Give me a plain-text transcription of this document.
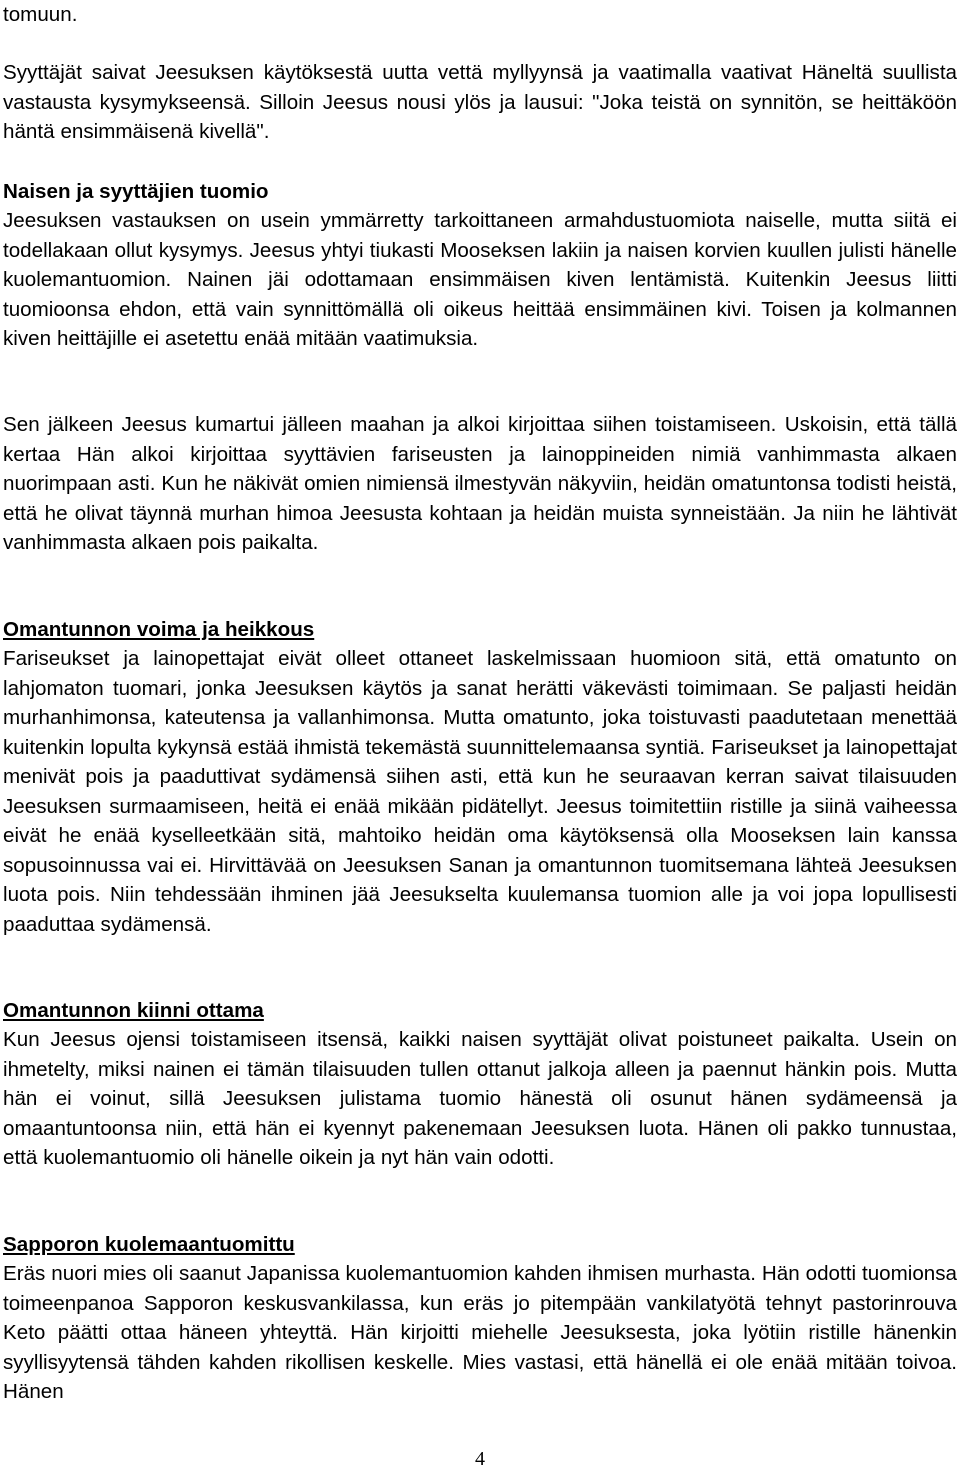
tomuun.

Syyttäjät saivat Jeesuksen käytöksestä uutta vettä myllyynsä ja vaatimalla vaativat Häneltä suullista vastausta kysymykseensä. Silloin Jeesus nousi ylös ja lausui: "Joka teistä on synnitön, se heittäköön häntä ensimmäisenä kivellä".

Naisen ja syyttäjien tuomio

Jeesuksen vastauksen on usein ymmärretty tarkoittaneen armahdustuomiota naiselle, mutta siitä ei todellakaan ollut kysymys. Jeesus yhtyi tiukasti Mooseksen lakiin ja naisen korvien kuullen julisti hänelle kuolemantuomion. Nainen jäi odottamaan ensimmäisen kiven lentämistä. Kuitenkin Jeesus liitti tuomioonsa ehdon, että vain synnittömällä oli oikeus heittää ensimmäinen kivi. Toisen ja kolmannen kiven heittäjille ei asetettu enää mitään vaatimuksia.

Sen jälkeen Jeesus kumartui jälleen maahan ja alkoi kirjoittaa siihen toistamiseen. Uskoisin, että tällä kertaa Hän alkoi kirjoittaa syyttävien fariseusten ja lainoppineiden nimiä vanhimmasta alkaen nuorimpaan asti. Kun he näkivät omien nimiensä ilmestyvän näkyviin, heidän omatuntonsa todisti heistä, että he olivat täynnä murhan himoa Jeesusta kohtaan ja heidän muista synneistään. Ja niin he lähtivät vanhimmasta alkaen pois paikalta.

Omantunnon voima ja heikkous

Fariseukset ja lainopettajat eivät olleet ottaneet laskelmissaan huomioon sitä, että omatunto on lahjomaton tuomari, jonka Jeesuksen käytös ja sanat herätti väkevästi toimimaan. Se paljasti heidän murhanhimonsa, kateutensa ja vallanhimonsa. Mutta omatunto, joka toistuvasti paadutetaan menettää kuitenkin lopulta kykynsä estää ihmistä tekemästä suunnittelemaansa syntiä. Fariseukset ja lainopettajat menivät pois ja paaduttivat sydämensä siihen asti, että kun he seuraavan kerran saivat tilaisuuden Jeesuksen surmaamiseen, heitä ei enää mikään pidätellyt. Jeesus toimitettiin ristille ja siinä vaiheessa eivät he enää kyselleetkään sitä, mahtoiko heidän oma käytöksensä olla Mooseksen lain kanssa sopusoinnussa vai ei. Hirvittävää on Jeesuksen Sanan ja omantunnon tuomitsemana lähteä Jeesuksen luota pois. Niin tehdessään ihminen jää Jeesukselta kuulemansa tuomion alle ja voi jopa lopullisesti paaduttaa sydämensä.

Omantunnon kiinni ottama

Kun Jeesus ojensi toistamiseen itsensä, kaikki naisen syyttäjät olivat poistuneet paikalta. Usein on ihmetelty, miksi nainen ei tämän tilaisuuden tullen ottanut jalkoja alleen ja paennut hänkin pois. Mutta hän ei voinut, sillä Jeesuksen julistama tuomio hänestä oli osunut hänen sydämeensä ja omaantuntoonsa niin, että hän ei kyennyt pakenemaan Jeesuksen luota. Hänen oli pakko tunnustaa, että kuolemantuomio oli hänelle oikein ja nyt hän vain odotti.

Sapporon kuolemaantuomittu

Eräs nuori mies oli saanut Japanissa kuolemantuomion kahden ihmisen murhasta. Hän odotti tuomionsa toimeenpanoa Sapporon keskusvankilassa, kun eräs jo pitempään vankilatyötä tehnyt pastorinrouva Keto päätti ottaa häneen yhteyttä. Hän kirjoitti miehelle Jeesuksesta, joka lyötiin ristille hänenkin syyllisyytensä tähden kahden rikollisen keskelle. Mies vastasi, että hänellä ei ole enää mitään toivoa. Hänen

4
